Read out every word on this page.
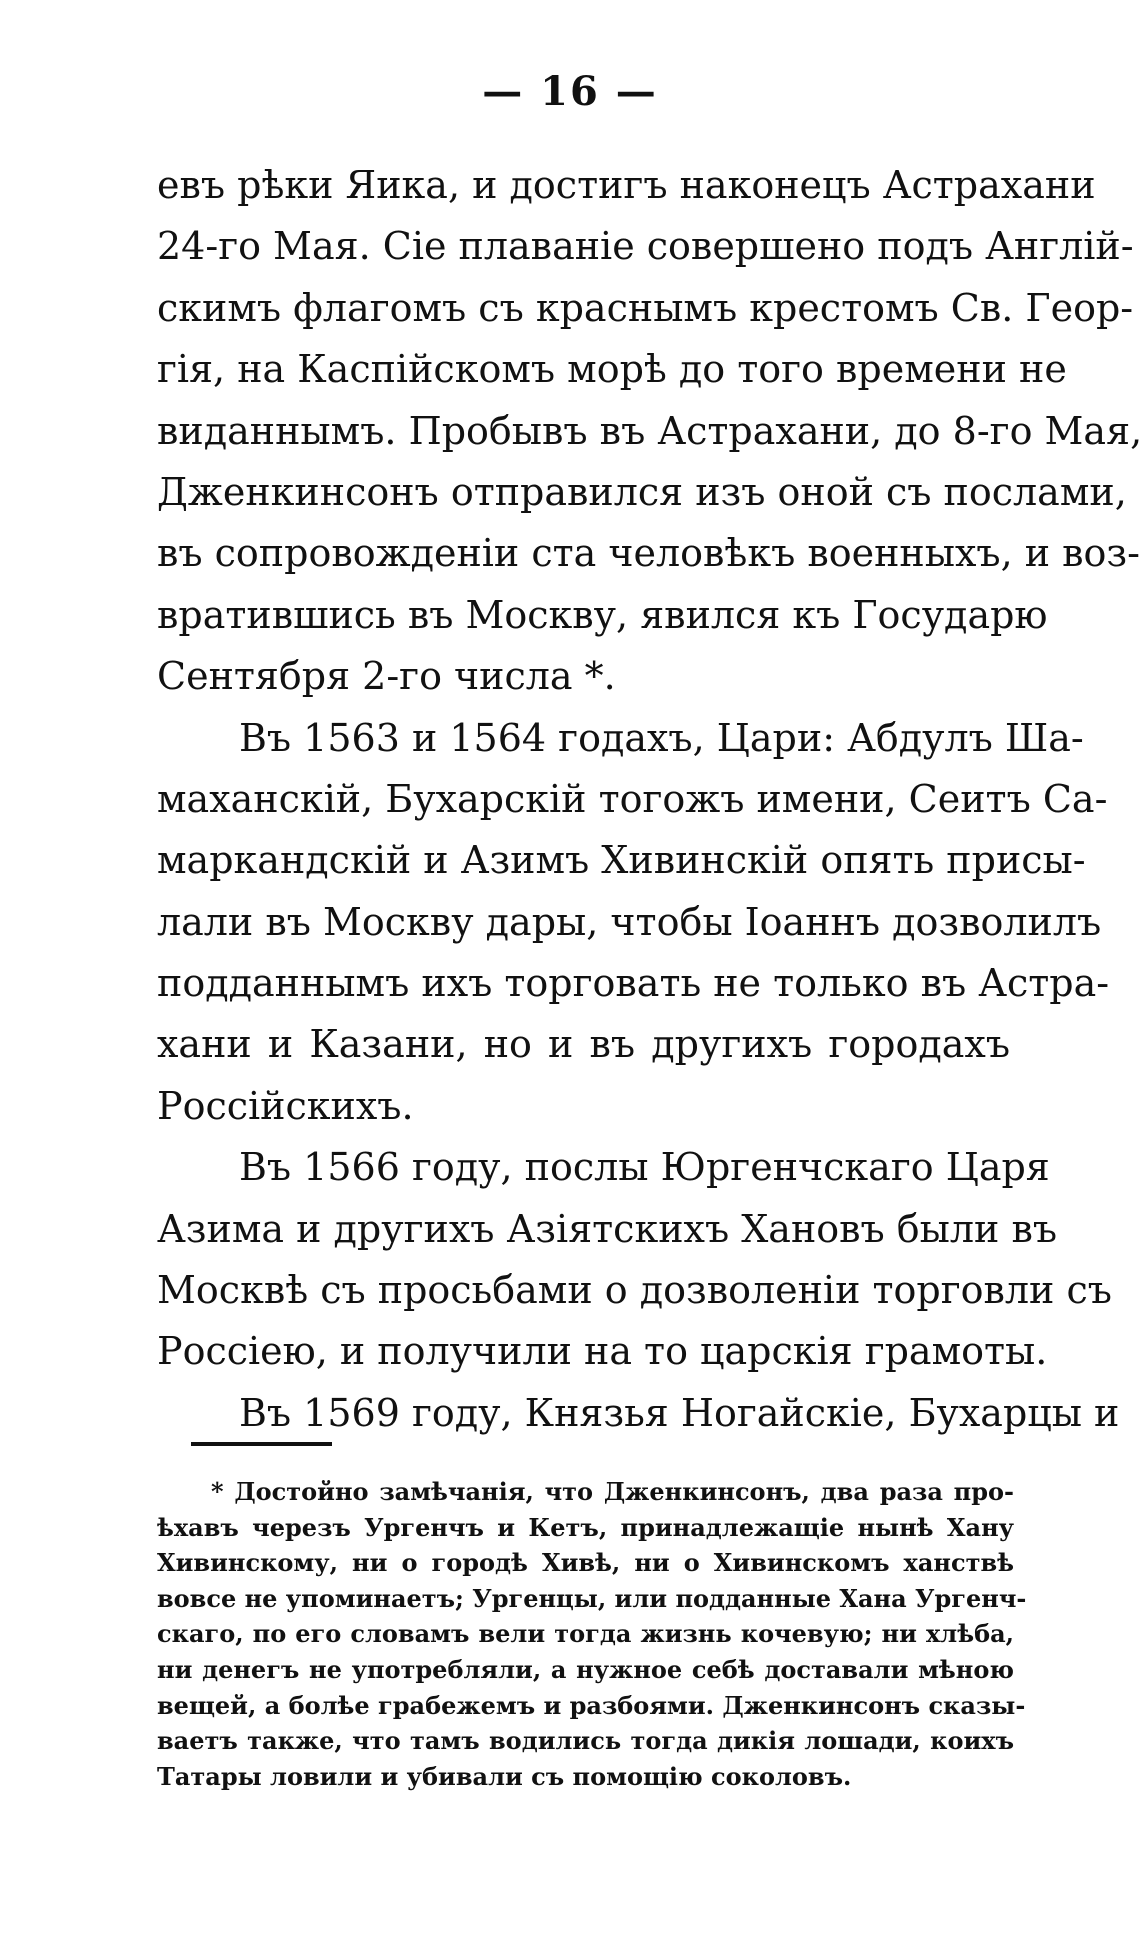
— 16 —
евъ рѣки Яика, и достигъ наконецъ Астрахани
24-го Мая. Сіе плаваніе совершено подъ Англій-
скимъ флагомъ съ краснымъ крестомъ Св. Геор-
гія, на Каспійскомъ морѣ до того времени не
виданнымъ. Пробывъ въ Астрахани, до 8-го Мая,
Дженкинсонъ отправился изъ оной съ послами,
въ сопровожденіи ста человѣкъ военныхъ, и воз-
вратившись въ Москву, явился къ Государю
Сентября 2-го числа *.
Въ 1563 и 1564 годахъ, Цари: Абдулъ Ша-
маханскій, Бухарскій тогожъ имени, Сеитъ Са-
маркандскій и Азимъ Хивинскій опять присы-
лали въ Москву дары, чтобы Іоаннъ дозволилъ
подданнымъ ихъ торговать не только въ Астра-
хани и Казани, но и въ другихъ городахъ
Россійскихъ.
Въ 1566 году, послы Юргенчскаго Царя
Азима и другихъ Азіятскихъ Хановъ были въ
Москвѣ съ просьбами о дозволеніи торговли съ
Россіею, и получили на то царскія грамоты.
Въ 1569 году, Князья Ногайскіе, Бухарцы и
* Достойно замѣчанія, что Дженкинсонъ, два раза про-
ѣхавъ черезъ Ургенчъ и Кетъ, принадлежащіе нынѣ Хану
Хивинскому, ни о городѣ Хивѣ, ни о Хивинскомъ ханствѣ
вовсе не упоминаетъ; Ургенцы, или подданные Хана Ургенч-
скаго, по его словамъ вели тогда жизнь кочевую; ни хлѣба,
ни денегъ не употребляли, а нужное себѣ доставали мѣною
вещей, а болѣе грабежемъ и разбоями. Дженкинсонъ сказы-
ваетъ также, что тамъ водились тогда дикія лошади, коихъ
Татары ловили и убивали съ помощію соколовъ.
